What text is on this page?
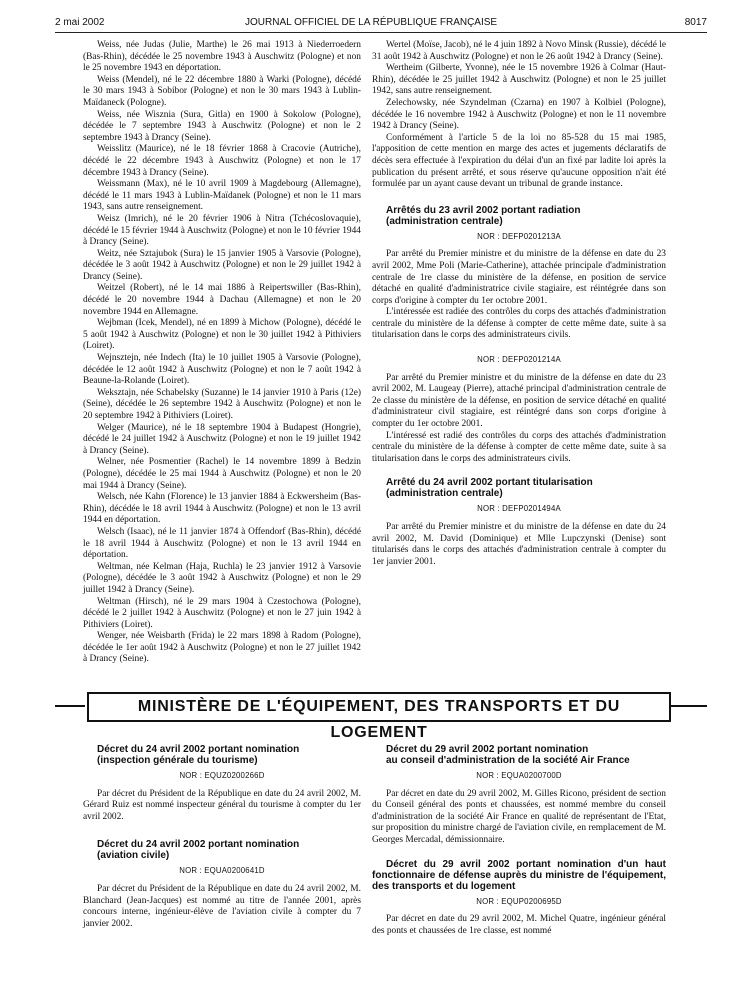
2 mai 2002	JOURNAL OFFICIEL DE LA RÉPUBLIQUE FRANÇAISE	8017

Weiss, née Judas (Julie, Marthe) le 26 mai 1913 à Niederroedern (Bas-Rhin), décédée le 25 novembre 1943 à Auschwitz (Pologne) et non le 25 novembre 1943 en déportation.

Weiss (Mendel), né le 22 décembre 1880 à Warki (Pologne), décédé le 30 mars 1943 à Sobibor (Pologne) et non le 30 mars 1943 à Lublin-Maïdaneck (Pologne).

Weiss, née Wisznia (Sura, Gitla) en 1900 à Sokolow (Pologne), décédée le 7 septembre 1943 à Auschwitz (Pologne) et non le 2 septembre 1943 à Drancy (Seine).

Weisslitz (Maurice), né le 18 février 1868 à Cracovie (Autriche), décédé le 22 décembre 1943 à Auschwitz (Pologne) et non le 17 décembre 1943 à Drancy (Seine).

Weissmann (Max), né le 10 avril 1909 à Magdebourg (Allemagne), décédé le 11 mars 1943 à Lublin-Maïdanek (Pologne) et non le 11 mars 1943, sans autre renseignement.

Weisz (Imrich), né le 20 février 1906 à Nitra (Tchécoslovaquie), décédé le 15 février 1944 à Auschwitz (Pologne) et non le 10 février 1944 à Drancy (Seine).

Weitz, née Sztajubok (Sura) le 15 janvier 1905 à Varsovie (Pologne), décédée le 3 août 1942 à Auschwitz (Pologne) et non le 29 juillet 1942 à Drancy (Seine).

Weitzel (Robert), né le 14 mai 1886 à Reipertswiller (Bas-Rhin), décédé le 20 novembre 1944 à Dachau (Allemagne) et non le 20 novembre 1944 en Allemagne.

Wejbman (Icek, Mendel), né en 1899 à Michow (Pologne), décédé le 5 août 1942 à Auschwitz (Pologne) et non le 30 juillet 1942 à Pithiviers (Loiret).

Wejnsztejn, née Indech (Ita) le 10 juillet 1905 à Varsovie (Pologne), décédée le 12 août 1942 à Auschwitz (Pologne) et non le 7 août 1942 à Beaune-la-Rolande (Loiret).

Weksztajn, née Schabelsky (Suzanne) le 14 janvier 1910 à Paris (12e) (Seine), décédée le 26 septembre 1942 à Auschwitz (Pologne) et non le 20 septembre 1942 à Pithiviers (Loiret).

Welger (Maurice), né le 18 septembre 1904 à Budapest (Hongrie), décédé le 24 juillet 1942 à Auschwitz (Pologne) et non le 19 juillet 1942 à Drancy (Seine).

Welner, née Posmentier (Rachel) le 14 novembre 1899 à Bedzin (Pologne), décédée le 25 mai 1944 à Auschwitz (Pologne) et non le 20 mai 1944 à Drancy (Seine).

Welsch, née Kahn (Florence) le 13 janvier 1884 à Eckwersheim (Bas-Rhin), décédée le 18 avril 1944 à Auschwitz (Pologne) et non le 13 avril 1944 en déportation.

Welsch (Isaac), né le 11 janvier 1874 à Offendorf (Bas-Rhin), décédé le 18 avril 1944 à Auschwitz (Pologne) et non le 13 avril 1944 en déportation.

Weltman, née Kelman (Haja, Ruchla) le 23 janvier 1912 à Varsovie (Pologne), décédée le 3 août 1942 à Auschwitz (Pologne) et non le 29 juillet 1942 à Drancy (Seine).

Weltman (Hirsch), né le 29 mars 1904 à Czestochowa (Pologne), décédé le 2 juillet 1942 à Auschwitz (Pologne) et non le 27 juin 1942 à Pithiviers (Loiret).

Wenger, née Weisbarth (Frida) le 22 mars 1898 à Radom (Pologne), décédée le 1er août 1942 à Auschwitz (Pologne) et non le 27 juillet 1942 à Drancy (Seine).

Wertel (Moïse, Jacob), né le 4 juin 1892 à Novo Minsk (Russie), décédé le 31 août 1942 à Auschwitz (Pologne) et non le 26 août 1942 à Drancy (Seine).

Wertheim (Gilberte, Yvonne), née le 15 novembre 1926 à Colmar (Haut-Rhin), décédée le 25 juillet 1942 à Auschwitz (Pologne) et non le 25 juillet 1942, sans autre renseignement.

Zelechowsky, née Szyndelman (Czarna) en 1907 à Kolbiel (Pologne), décédée le 16 novembre 1942 à Auschwitz (Pologne) et non le 11 novembre 1942 à Drancy (Seine).

Conformément à l'article 5 de la loi no 85-528 du 15 mai 1985, l'apposition de cette mention en marge des actes et jugements déclaratifs de décès sera effectuée à l'expiration du délai d'un an fixé par ladite loi après la publication du présent arrêté, et sous réserve qu'aucune opposition n'ait été formulée par un ayant cause devant un tribunal de grande instance.

Arrêtés du 23 avril 2002 portant radiation

(administration centrale)

NOR : DEFP0201213A

Par arrêté du Premier ministre et du ministre de la défense en date du 23 avril 2002, Mme Poli (Marie-Catherine), attachée principale d'administration centrale de 1re classe du ministère de la défense, en position de service détaché en qualité d'administratrice civile stagiaire, est réintégrée dans son corps d'origine à compter du 1er octobre 2001.

L'intéressée est radiée des contrôles du corps des attachés d'administration centrale du ministère de la défense à compter de cette même date, suite à sa titularisation dans le corps des administrateurs civils.

NOR : DEFP0201214A

Par arrêté du Premier ministre et du ministre de la défense en date du 23 avril 2002, M. Laugeay (Pierre), attaché principal d'administration centrale de 2e classe du ministère de la défense, en position de service détaché en qualité d'administrateur civil stagiaire, est réintégré dans son corps d'origine à compter du 1er octobre 2001.

L'intéressé est radié des contrôles du corps des attachés d'administration centrale du ministère de la défense à compter de cette même date, suite à sa titularisation dans le corps des administrateurs civils.

Arrêté du 24 avril 2002 portant titularisation

(administration centrale)

NOR : DEFP0201494A

Par arrêté du Premier ministre et du ministre de la défense en date du 24 avril 2002, M. David (Dominique) et Mlle Lupczynski (Denise) sont titularisés dans le corps des attachés d'administration centrale à compter du 1er janvier 2001.

MINISTÈRE DE L'ÉQUIPEMENT, DES TRANSPORTS ET DU LOGEMENT

Décret du 24 avril 2002 portant nomination

(inspection générale du tourisme)

NOR : EQUZ0200266D

Par décret du Président de la République en date du 24 avril 2002, M. Gérard Ruiz est nommé inspecteur général du tourisme à compter du 1er avril 2002.

Décret du 24 avril 2002 portant nomination

(aviation civile)

NOR : EQUA0200641D

Par décret du Président de la République en date du 24 avril 2002, M. Blanchard (Jean-Jacques) est nommé au titre de l'année 2001, après concours interne, ingénieur-élève de l'aviation civile à compter du 7 janvier 2002.

Décret du 29 avril 2002 portant nomination

au conseil d'administration de la société Air France

NOR : EQUA0200700D

Par décret en date du 29 avril 2002, M. Gilles Ricono, président de section du Conseil général des ponts et chaussées, est nommé membre du conseil d'administration de la société Air France en qualité de représentant de l'Etat, sur proposition du ministre chargé de l'aviation civile, en remplacement de M. Georges Mercadal, démissionnaire.

Décret du 29 avril 2002 portant nomination d'un haut fonctionnaire de défense auprès du ministre de l'équipement, des transports et du logement

NOR : EQUP0200695D

Par décret en date du 29 avril 2002, M. Michel Quatre, ingénieur général des ponts et chaussées de 1re classe, est nommé
